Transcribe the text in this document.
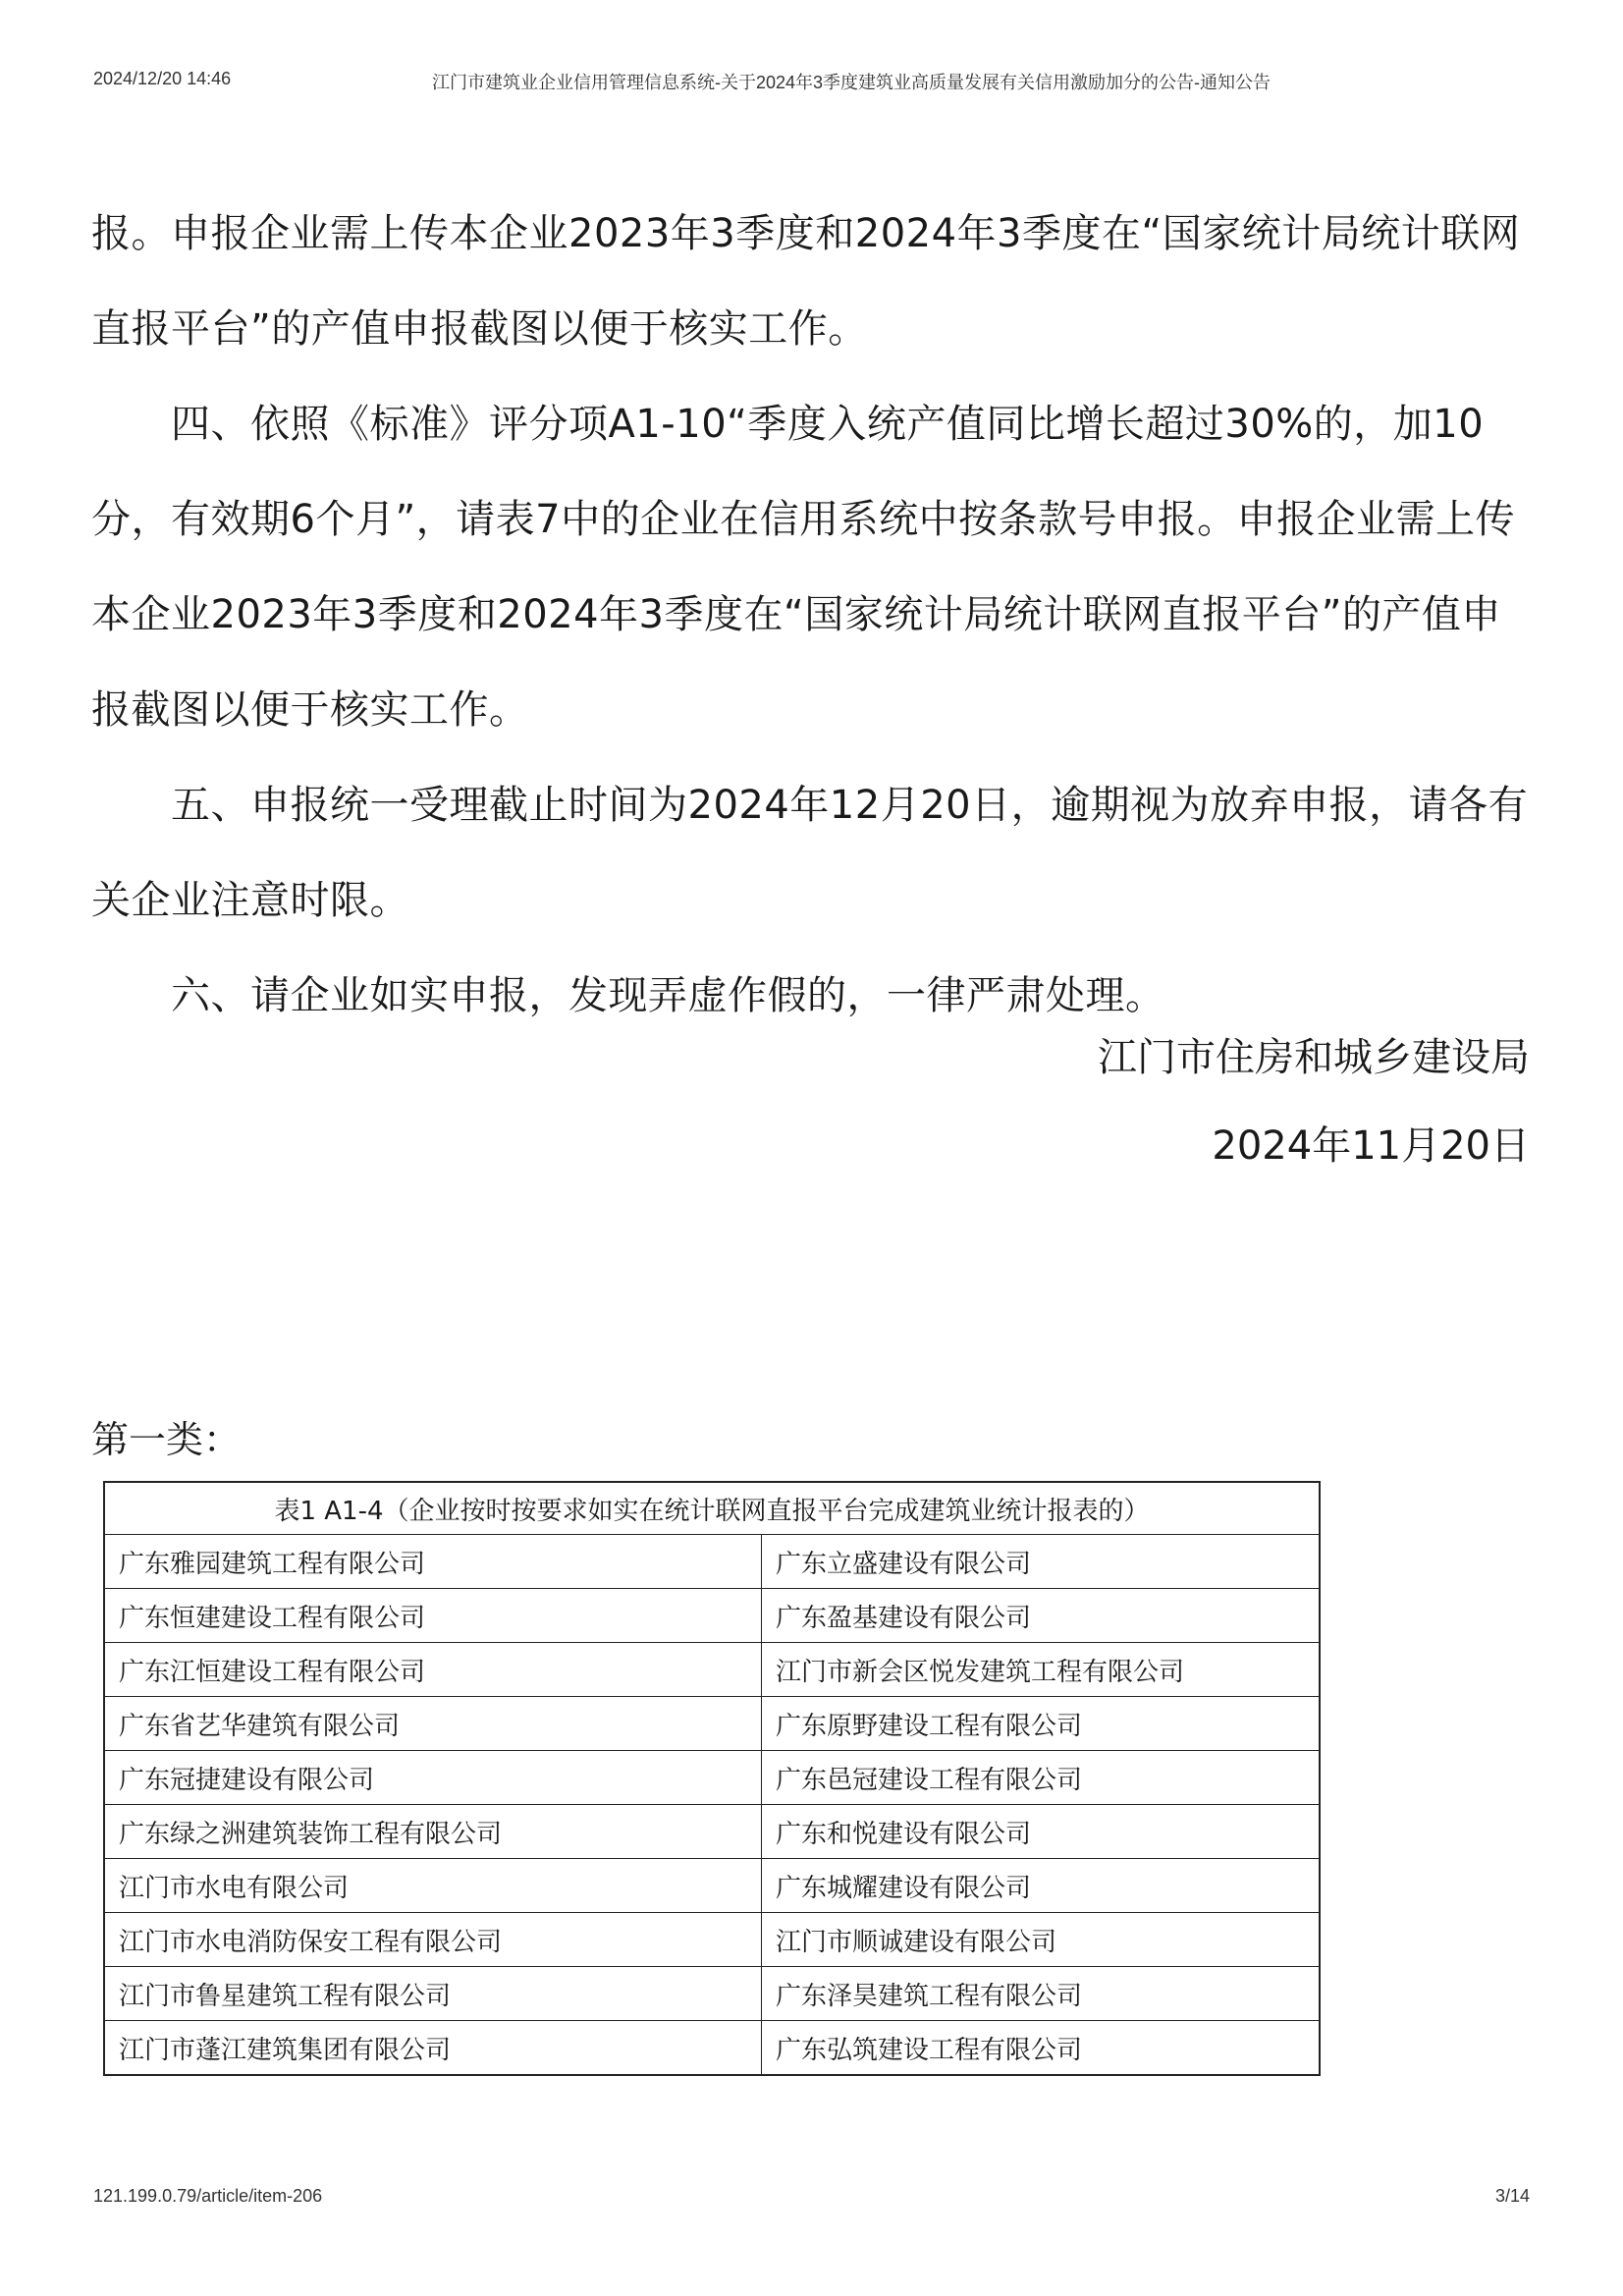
2024/12/20 14:46	江门市建筑业企业信用管理信息系统-关于2024年3季度建筑业高质量发展有关信用激励加分的公告-通知公告

报。申报企业需上传本企业2023年3季度和2024年3季度在“国家统计局统计联网直报平台”的产值申报截图以便于核实工作。

　　四、依照《标准》评分项A1-10“季度入统产值同比增长超过30%的，加10分，有效期6个月”，请表7中的企业在信用系统中按条款号申报。申报企业需上传本企业2023年3季度和2024年3季度在“国家统计局统计联网直报平台”的产值申报截图以便于核实工作。

　　五、申报统一受理截止时间为2024年12月20日，逾期视为放弃申报，请各有关企业注意时限。

　　六、请企业如实申报，发现弄虚作假的，一律严肃处理。

江门市住房和城乡建设局
2024年11月20日
第一类：
表1 A1-4（企业按时按要求如实在统计联网直报平台完成建筑业统计报表的）	
广东雅园建筑工程有限公司	广东立盛建设有限公司
广东恒建建设工程有限公司	广东盈基建设有限公司
广东江恒建设工程有限公司	江门市新会区悦发建筑工程有限公司
广东省艺华建筑有限公司	广东原野建设工程有限公司
广东冠捷建设有限公司	广东邑冠建设工程有限公司
广东绿之洲建筑装饰工程有限公司	广东和悦建设有限公司
江门市水电有限公司	广东城耀建设有限公司
江门市水电消防保安工程有限公司	江门市顺诚建设有限公司
江门市鲁星建筑工程有限公司	广东泽昊建筑工程有限公司
江门市蓬江建筑集团有限公司	广东弘筑建设工程有限公司
121.199.0.79/article/item-206	3/14
